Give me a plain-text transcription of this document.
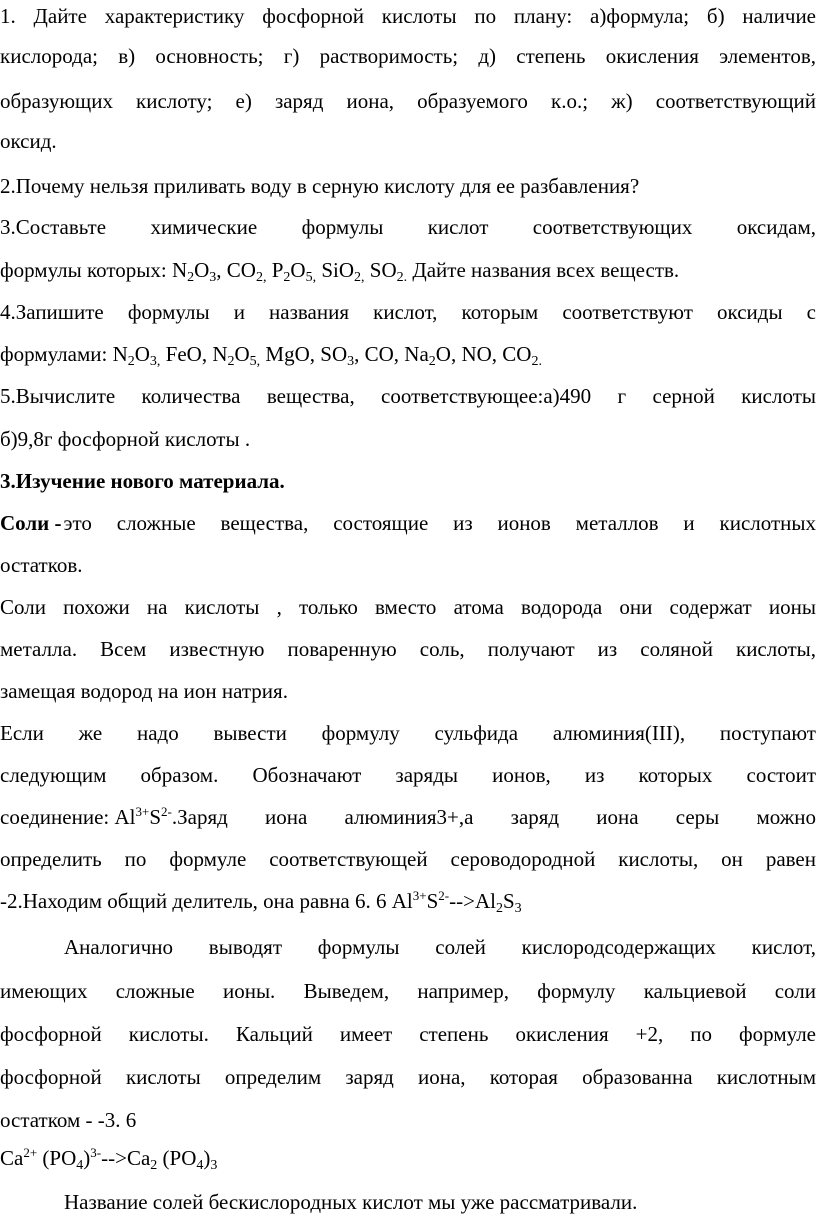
1. Дайте характеристику фосфорной кислоты по плану: а)формула; б) наличие
кислорода; в) основность; г) растворимость; д) степень окисления элементов,
образующих кислоту; е) заряд иона, образуемого к.о.; ж) соответствующий
оксид.
2.Почему нельзя приливать воду в серную кислоту для ее разбавления?
3.Составьте химические формулы кислот соответствующих оксидам,
формулы которых: $N_2O_3$, $CO_{2,}$ $P_2O_{5,}$ SiO$_{2,}$ $SO_{2.}$ Дайте названия всех веществ.
4.Запишите формулы и названия кислот, которым соответствуют оксиды с
формулами: $N_2O_{3,}$ FeO, $N_2O_{5,}$ MgO, $SO_3$, CO, $Na_2O$, NO, $CO_{2.}$
5.Вычислите количества вещества, соответствующее:а)490 г серной кислоты
б)9,8г фосфорной кислоты .
3.Изучение нового материала.
Соли - это сложные вещества, состоящие из ионов металлов и кислотных
остатков.
Соли похожи на кислоты , только вместо атома водорода они содержат ионы
металла. Всем известную поваренную соль, получают из соляной кислоты,
замещая водород на ион натрия.
Если же надо вывести формулу сульфида алюминия(III), поступают
следующим образом. Обозначают заряды ионов, из которых состоит
соединение: $Al^{3+}S^{2-}$ .Заряд иона алюминия3+,а заряд иона серы можно
определить по формуле соответствующей сероводородной кислоты, он равен
-2.Находим общий делитель, она равна 6. 6 $Al^{3+}S^{2-}-->Al_2S_3$
Аналогично выводят формулы солей кислородсодержащих кислот,
имеющих сложные ионы. Выведем, например, формулу кальциевой соли
фосфорной кислоты. Кальций имеет степень окисления +2, по формуле
фосфорной кислоты определим заряд иона, которая образованна кислотным
остатком - -3. 6
$Ca^{2+}$ $(PO_4)^{3-}-->Ca_2$ $(PO_4)_3$
Название солей бескислородных кислот мы уже рассматривали.
